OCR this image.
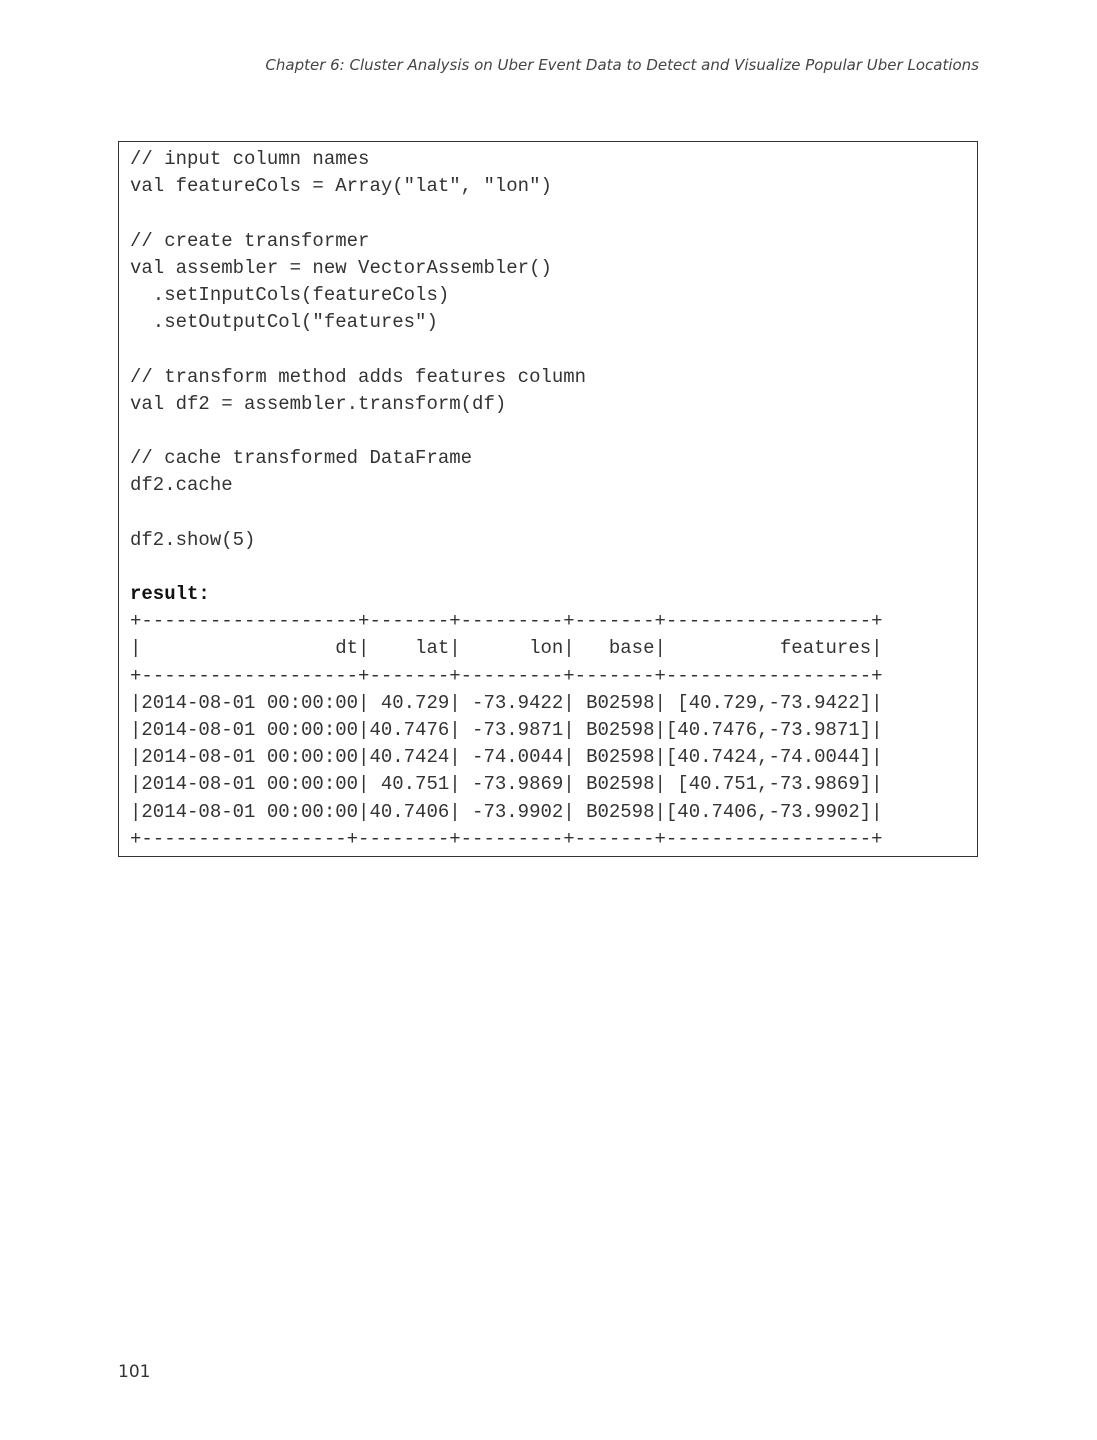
Chapter 6: Cluster Analysis on Uber Event Data to Detect and Visualize Popular Uber Locations
// input column names
val featureCols = Array("lat", "lon")
// create transformer
val assembler = new VectorAssembler()
.setInputCols(featureCols)
.setOutputCol("features")
// transform method adds features column
val df2 = assembler.transform(df)
// cache transformed DataFrame
df2.cache
df2.show(5)
result:
+-------------------+-------+---------+-------+------------------+
|                 dt|    lat|      lon|   base|          features|
+-------------------+-------+---------+-------+------------------+
|2014-08-01 00:00:00| 40.729| -73.9422| B02598| [40.729,-73.9422]|
|2014-08-01 00:00:00|40.7476| -73.9871| B02598|[40.7476,-73.9871]|
|2014-08-01 00:00:00|40.7424| -74.0044| B02598|[40.7424,-74.0044]|
|2014-08-01 00:00:00| 40.751| -73.9869| B02598| [40.751,-73.9869]|
|2014-08-01 00:00:00|40.7406| -73.9902| B02598|[40.7406,-73.9902]|
+------------------+--------+---------+-------+------------------+
101
